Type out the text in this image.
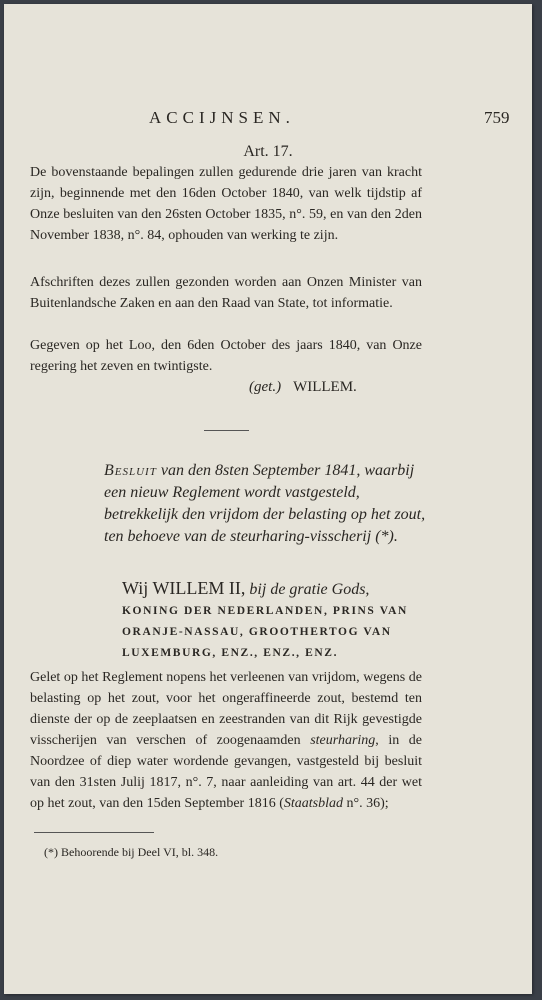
ACCIJNSEN.	759
Art. 17.
De bovenstaande bepalingen zullen gedurende drie jaren van kracht zijn, beginnende met den 16den October 1840, van welk tijdstip af Onze besluiten van den 26sten October 1835, n°. 59, en van den 2den November 1838, n°. 84, ophouden van werking te zijn.
Afschriften dezes zullen gezonden worden aan Onzen Minister van Buitenlandsche Zaken en aan den Raad van State, tot informatie.
Gegeven op het Loo, den 6den October des jaars 1840, van Onze regering het zeven en twintigste.
(get.) WILLEM.
Besluit van den 8sten September 1841, waarbij een nieuw Reglement wordt vastgesteld, betrekkelijk den vrijdom der belasting op het zout, ten behoeve van de steurharing-visscherij (*).
Wij WILLEM II, bij de gratie Gods,
KONING DER NEDERLANDEN, PRINS VAN ORANJE-NASSAU, GROOTHERTOG VAN LUXEMBURG, ENZ., ENZ., ENZ.
Gelet op het Reglement nopens het verleenen van vrijdom, wegens de belasting op het zout, voor het ongeraffineerde zout, bestemd ten dienste der op de zeeplaatsen en zeestranden van dit Rijk gevestigde visscherijen van verschen of zoogenaamden steurharing, in de Noordzee of diep water wordende gevangen, vastgesteld bij besluit van den 31sten Julij 1817, n°. 7, naar aanleiding van art. 44 der wet op het zout, van den 15den September 1816 (Staatsblad n°. 36);
(*) Behoorende bij Deel VI, bl. 348.
